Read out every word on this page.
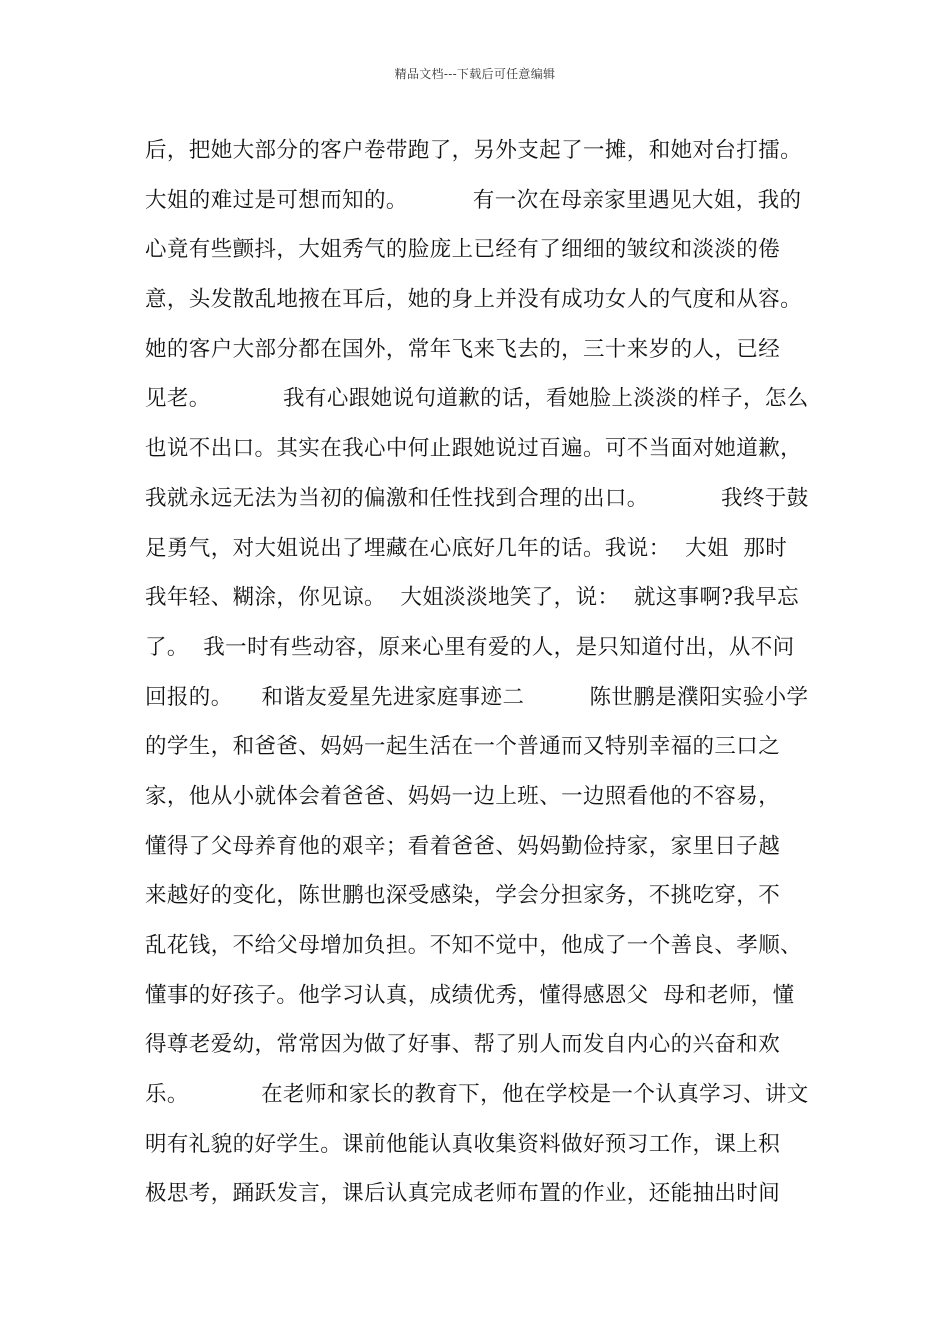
精品文档---下载后可任意编辑
后，把她大部分的客户卷带跑了，另外支起了一摊，和她对台打擂。
大姐的难过是可想而知的。         有一次在母亲家里遇见大姐，我的
心竟有些颤抖，大姐秀气的脸庞上已经有了细细的皱纹和淡淡的倦
意，头发散乱地掖在耳后，她的身上并没有成功女人的气度和从容。
她的客户大部分都在国外，常年飞来飞去的，三十来岁的人，已经
见老。          我有心跟她说句道歉的话，看她脸上淡淡的样子，怎么
也说不出口。其实在我心中何止跟她说过百遍。可不当面对她道歉，
我就永远无法为当初的偏激和任性找到合理的出口。          我终于鼓
足勇气，对大姐说出了埋藏在心底好几年的话。我说：  大姐  那时
我年轻、糊涂，你见谅。  大姐淡淡地笑了，说：  就这事啊?我早忘
了。  我一时有些动容，原来心里有爱的人，是只知道付出，从不问
回报的。    和谐友爱星先进家庭事迹二         陈世鹏是濮阳实验小学
的学生，和爸爸、妈妈一起生活在一个普通而又特别幸福的三口之
家，他从小就体会着爸爸、妈妈一边上班、一边照看他的不容易，
懂得了父母养育他的艰辛；看着爸爸、妈妈勤俭持家，家里日子越
来越好的变化，陈世鹏也深受感染，学会分担家务，不挑吃穿，不
乱花钱，不给父母增加负担。不知不觉中，他成了一个善良、孝顺、
懂事的好孩子。他学习认真，成绩优秀，懂得感恩父  母和老师，懂
得尊老爱幼，常常因为做了好事、帮了别人而发自内心的兴奋和欢
乐。          在老师和家长的教育下，他在学校是一个认真学习、讲文
明有礼貌的好学生。课前他能认真收集资料做好预习工作，课上积
极思考，踊跃发言，课后认真完成老师布置的作业，还能抽出时间
